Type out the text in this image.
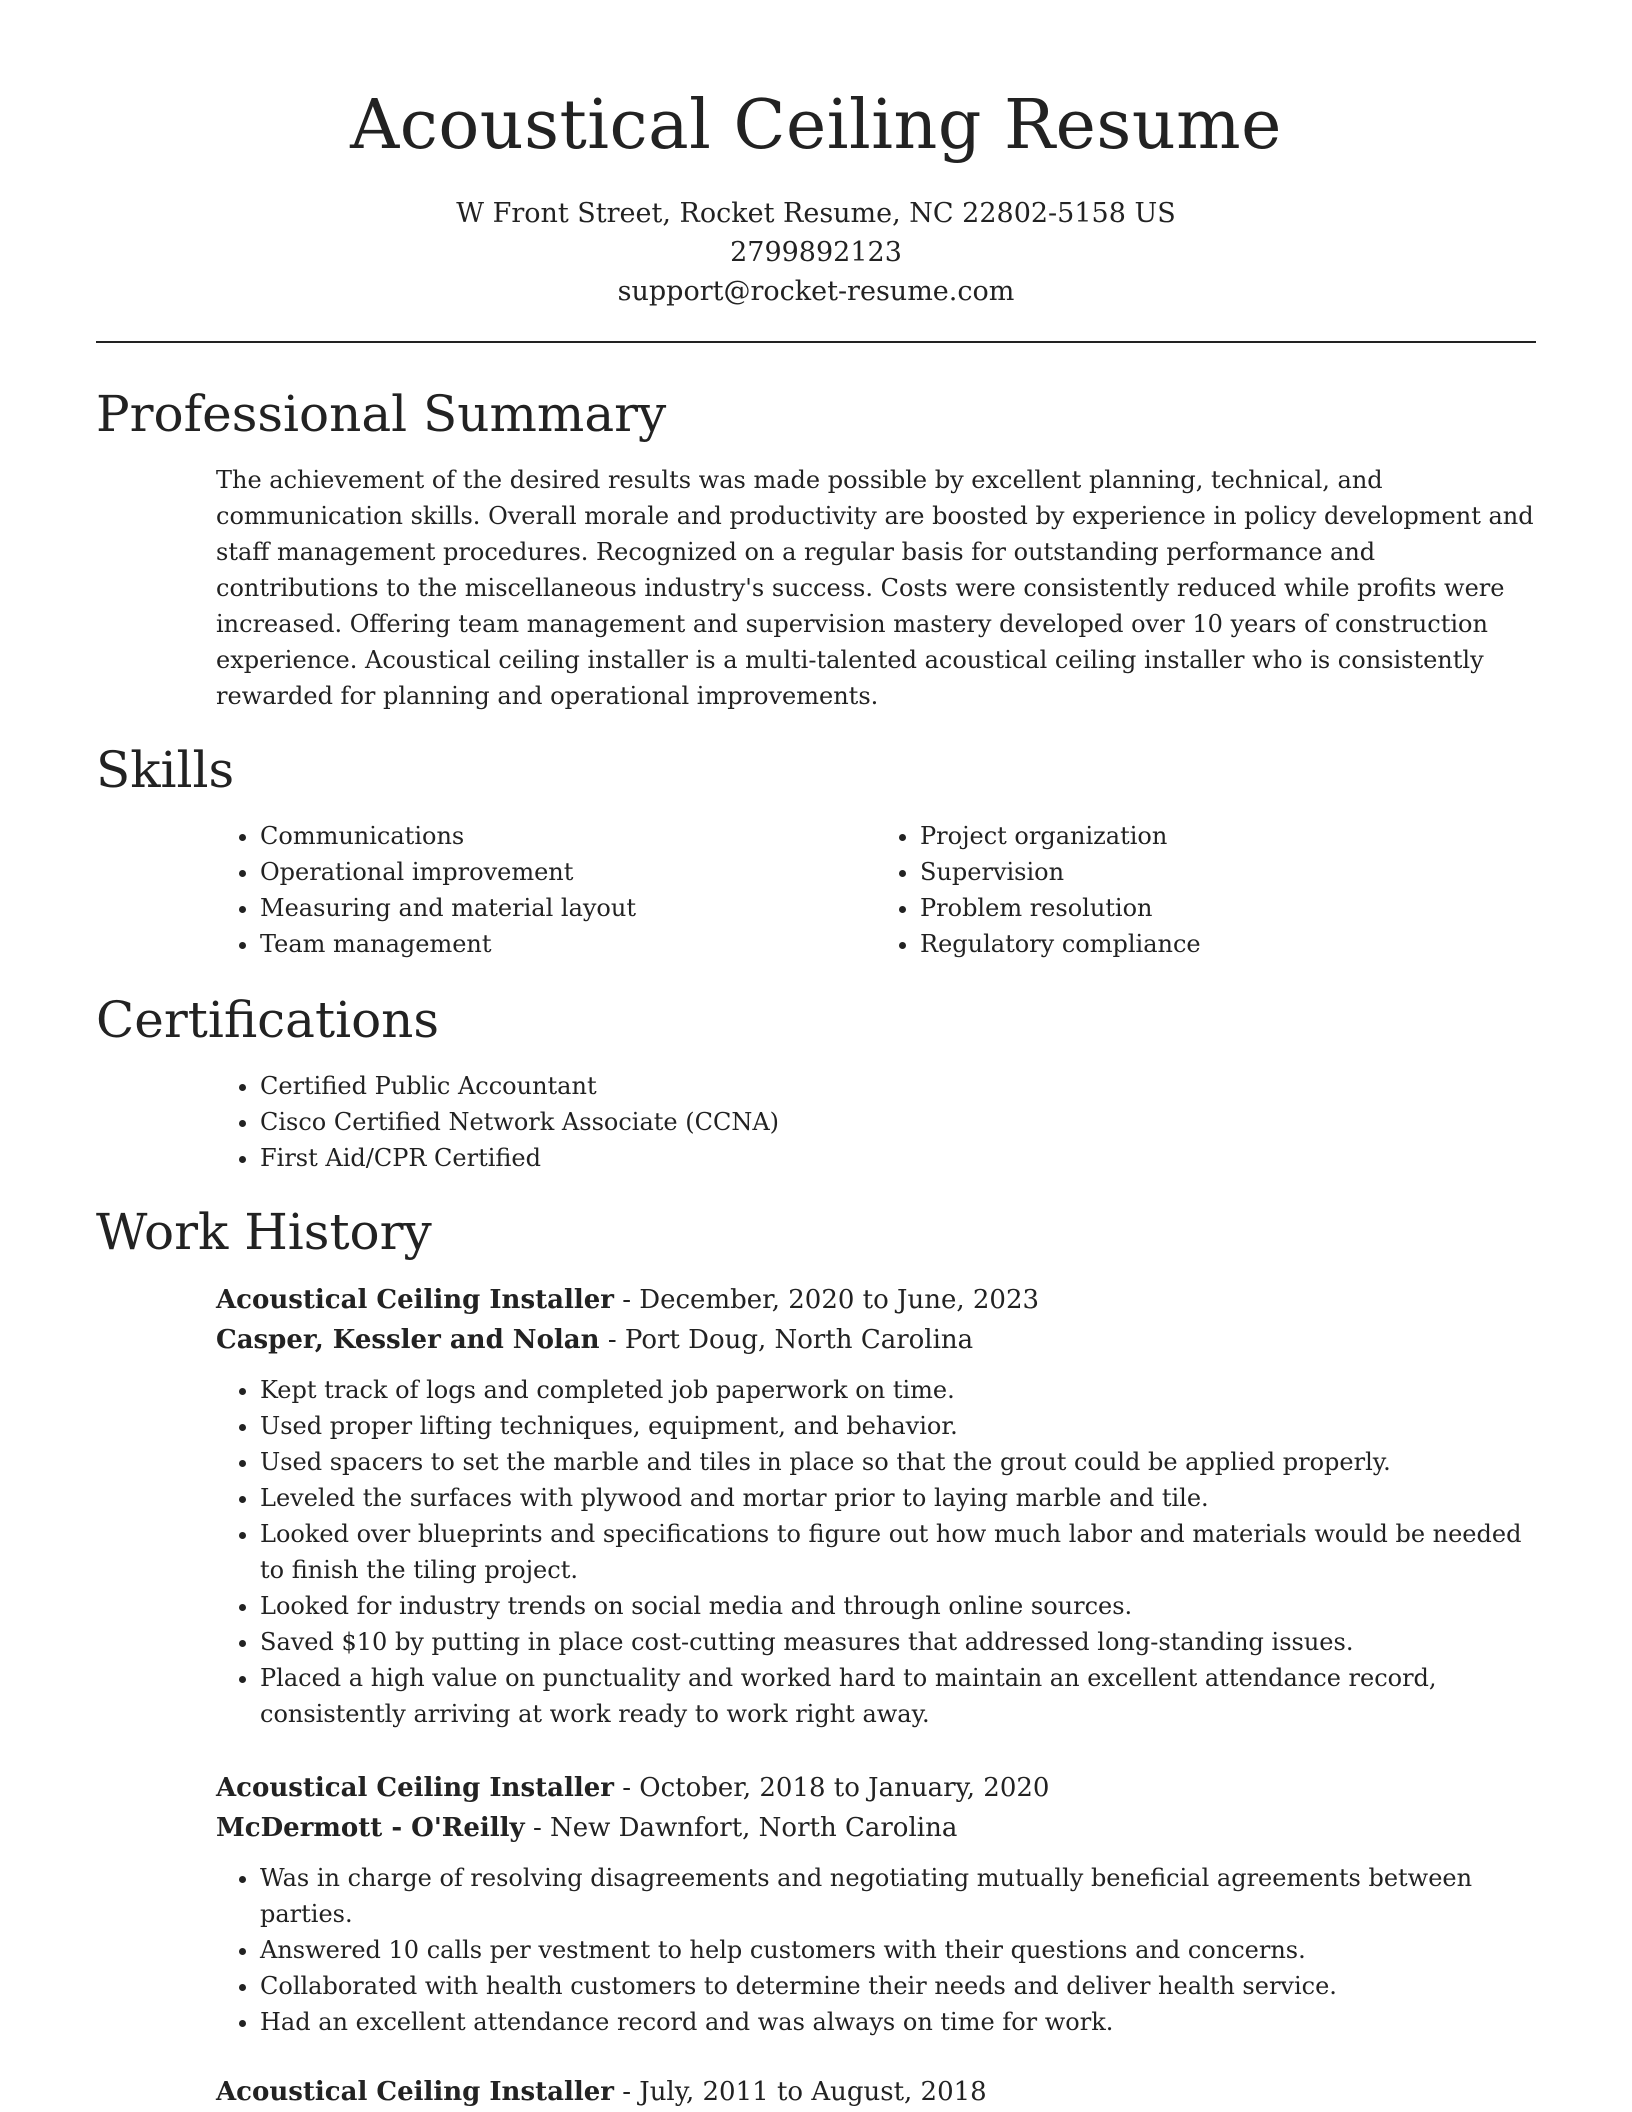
Acoustical Ceiling Resume
W Front Street, Rocket Resume, NC 22802-5158 US
2799892123
support@rocket-resume.com
Professional Summary

The achievement of the desired results was made possible by excellent planning, technical, and communication skills. Overall morale and productivity are boosted by experience in policy development and staff management procedures. Recognized on a regular basis for outstanding performance and contributions to the miscellaneous industry's success. Costs were consistently reduced while profits were increased. Offering team management and supervision mastery developed over 10 years of construction experience. Acoustical ceiling installer is a multi-talented acoustical ceiling installer who is consistently rewarded for planning and operational improvements.

Skills
• Communications
• Operational improvement
• Measuring and material layout
• Team management
• Project organization
• Supervision
• Problem resolution
• Regulatory compliance
Certifications
• Certified Public Accountant
• Cisco Certified Network Associate (CCNA)
• First Aid/CPR Certified
Work History

Acoustical Ceiling Installer - December, 2020 to June, 2023

Casper, Kessler and Nolan - Port Doug, North Carolina

• Kept track of logs and completed job paperwork on time.
• Used proper lifting techniques, equipment, and behavior.
• Used spacers to set the marble and tiles in place so that the grout could be applied properly.
• Leveled the surfaces with plywood and mortar prior to laying marble and tile.
• Looked over blueprints and specifications to figure out how much labor and materials would be needed to finish the tiling project.
• Looked for industry trends on social media and through online sources.
• Saved $10 by putting in place cost-cutting measures that addressed long-standing issues.
• Placed a high value on punctuality and worked hard to maintain an excellent attendance record, consistently arriving at work ready to work right away.

Acoustical Ceiling Installer - October, 2018 to January, 2020

McDermott - O'Reilly - New Dawnfort, North Carolina

• Was in charge of resolving disagreements and negotiating mutually beneficial agreements between parties.
• Answered 10 calls per vestment to help customers with their questions and concerns.
• Collaborated with health customers to determine their needs and deliver health service.
• Had an excellent attendance record and was always on time for work.

Acoustical Ceiling Installer - July, 2011 to August, 2018
